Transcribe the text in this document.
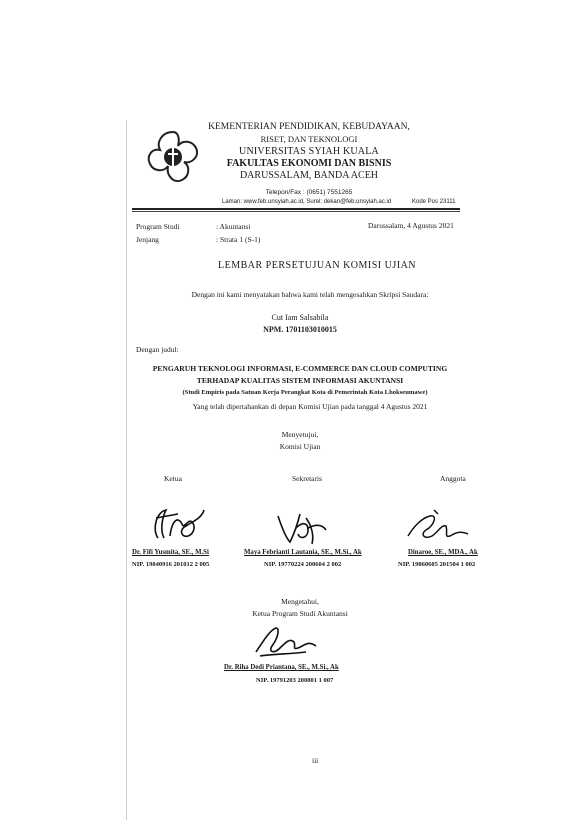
KEMENTERIAN PENDIDIKAN, KEBUDAYAAN,
RISET, DAN TEKNOLOGI
UNIVERSITAS SYIAH KUALA
FAKULTAS EKONOMI DAN BISNIS
DARUSSALAM, BANDA ACEH
Telepon/Fax : (0651) 7551265
Laman: www.feb.unsyiah.ac.id, Surel: dekan@feb.unsyiah.ac.id	Kode Pos 23111
Program Studi	: Akuntansi
Jenjang	: Strata 1 (S-1)
Darussalam, 4 Agustus 2021
LEMBAR PERSETUJUAN KOMISI UJIAN
Dengan ini kami menyatakan bahwa kami telah mengesahkan Skripsi Saudara:
Cut Iam Salsabila
NPM. 1701103010015
Dengan judul:
PENGARUH TEKNOLOGI INFORMASI, E-COMMERCE DAN CLOUD COMPUTING
TERHADAP KUALITAS SISTEM INFORMASI AKUNTANSI
(Studi Empiris pada Satuan Kerja Perangkat Kota di Pemerintah Kota Lhokseumawe)
Yang telah dipertahankan di depan Komisi Ujian pada tanggal 4 Agustus 2021
Menyetujui,
Komisi Ujian
Ketua	Sekretaris	Anggota
Dr. Fifi Yusmita, SE., M.Si
NIP. 19840916 201012 2 005
Maya Febrianti Lautania, SE., M.Si., Ak
NIP. 19770224 200604 2 002
Dinaroe, SE., MDA., Ak
NIP. 19860605 201504 1 002
Mengetahui,
Ketua Program Studi Akuntansi
Dr. Riha Dedi Priantana, SE., M.Si., Ak
NIP. 19791203 200801 1 007
iii
